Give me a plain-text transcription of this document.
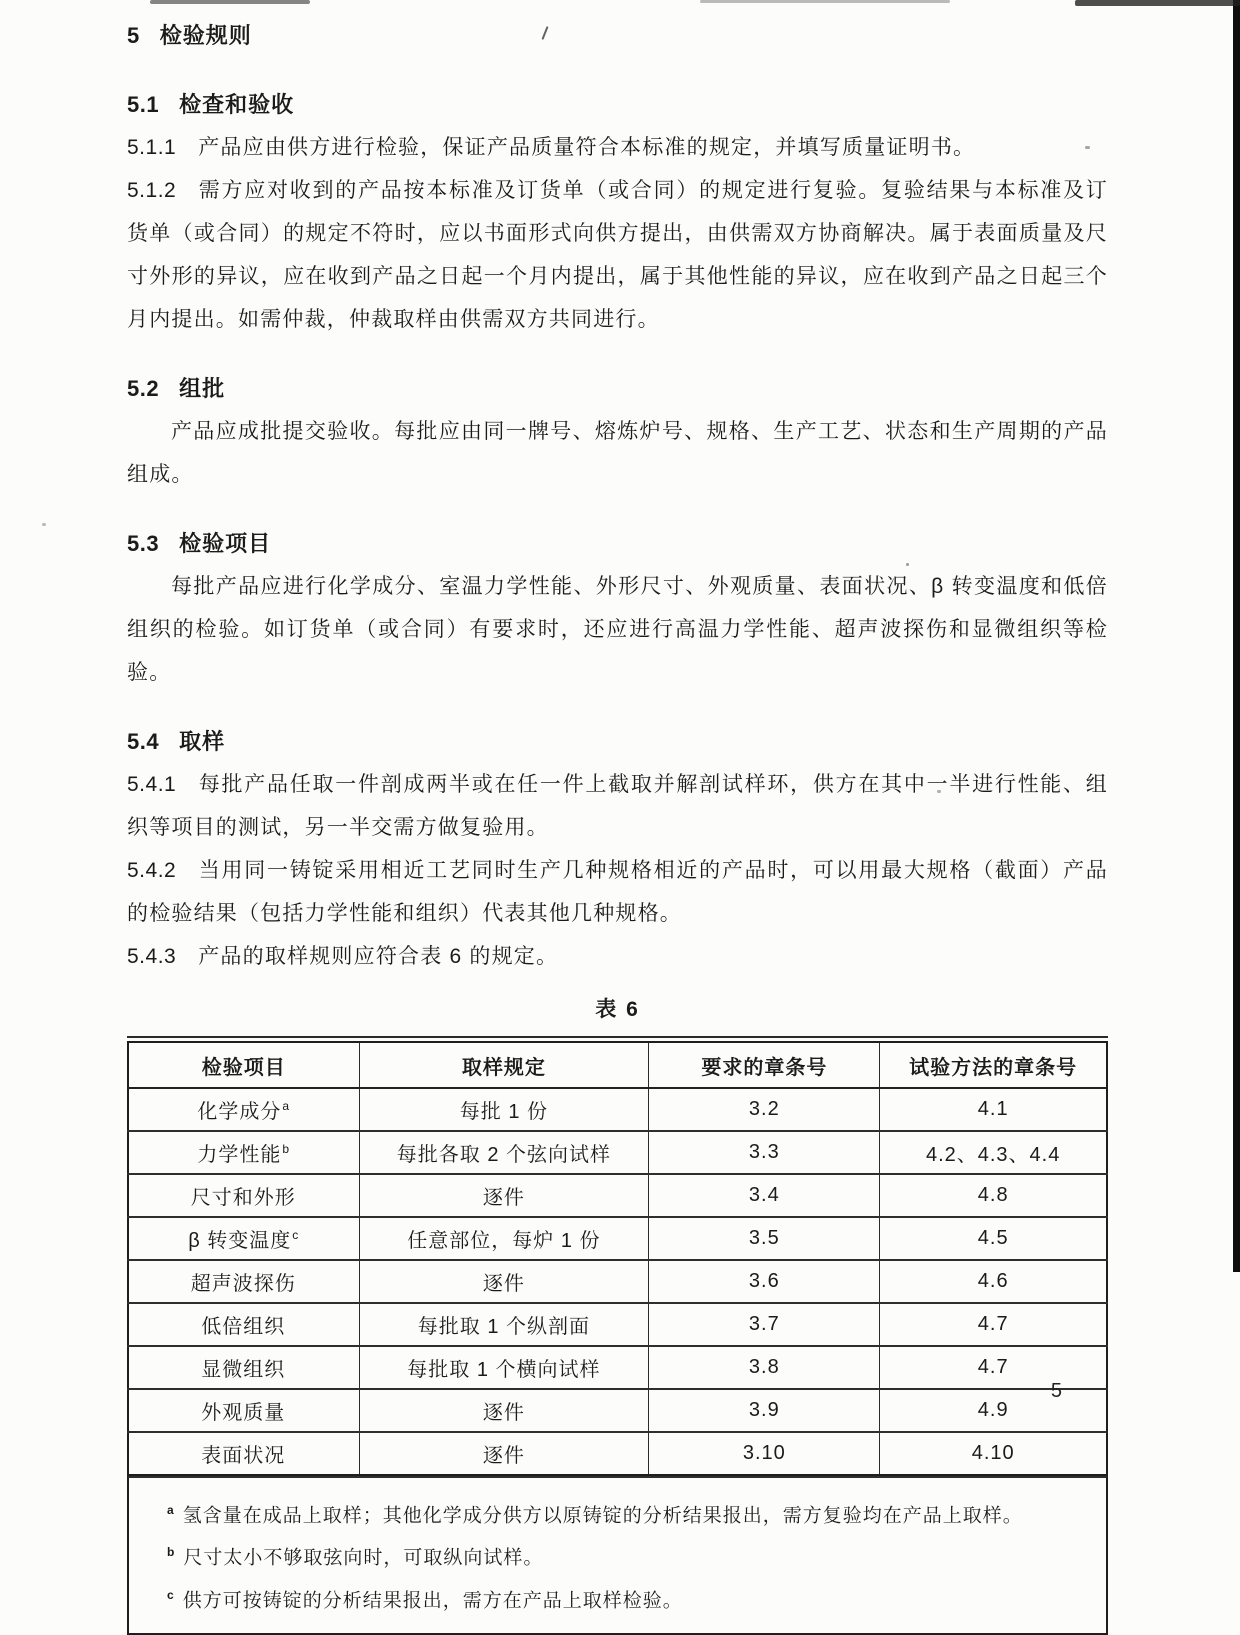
5 检验规则
5.1 检查和验收

5.1.1 产品应由供方进行检验，保证产品质量符合本标准的规定，并填写质量证明书。

5.1.2 需方应对收到的产品按本标准及订货单（或合同）的规定进行复验。复验结果与本标准及订货单（或合同）的规定不符时，应以书面形式向供方提出，由供需双方协商解决。属于表面质量及尺寸外形的异议，应在收到产品之日起一个月内提出，属于其他性能的异议，应在收到产品之日起三个月内提出。如需仲裁，仲裁取样由供需双方共同进行。

5.2 组批

产品应成批提交验收。每批应由同一牌号、熔炼炉号、规格、生产工艺、状态和生产周期的产品组成。

5.3 检验项目

每批产品应进行化学成分、室温力学性能、外形尺寸、外观质量、表面状况、β 转变温度和低倍组织的检验。如订货单（或合同）有要求时，还应进行高温力学性能、超声波探伤和显微组织等检验。

5.4 取样

5.4.1 每批产品任取一件剖成两半或在任一件上截取并解剖试样环，供方在其中一半进行性能、组织等项目的测试，另一半交需方做复验用。

5.4.2 当用同一铸锭采用相近工艺同时生产几种规格相近的产品时，可以用最大规格（截面）产品的检验结果（包括力学性能和组织）代表其他几种规格。

5.4.3 产品的取样规则应符合表 6 的规定。

表 6
检验项目	取样规定	要求的章条号	试验方法的章条号
化学成分$^a$	每批 1 份	3.2	4.1
力学性能$^b$	每批各取 2 个弦向试样	3.3	4.2、4.3、4.4
尺寸和外形	逐件	3.4	4.8
β 转变温度$^c$	任意部位，每炉 1 份	3.5	4.5
超声波探伤	逐件	3.6	4.6
低倍组织	每批取 1 个纵剖面	3.7	4.7
显微组织	每批取 1 个横向试样	3.8	4.7
外观质量	逐件	3.9	4.9
表面状况	逐件	3.10	4.10
$^a$ 氢含量在成品上取样；其他化学成分供方以原铸锭的分析结果报出，需方复验均在产品上取样。
$^b$ 尺寸太小不够取弦向时，可取纵向试样。
$^c$ 供方可按铸锭的分析结果报出，需方在产品上取样检验。
5
